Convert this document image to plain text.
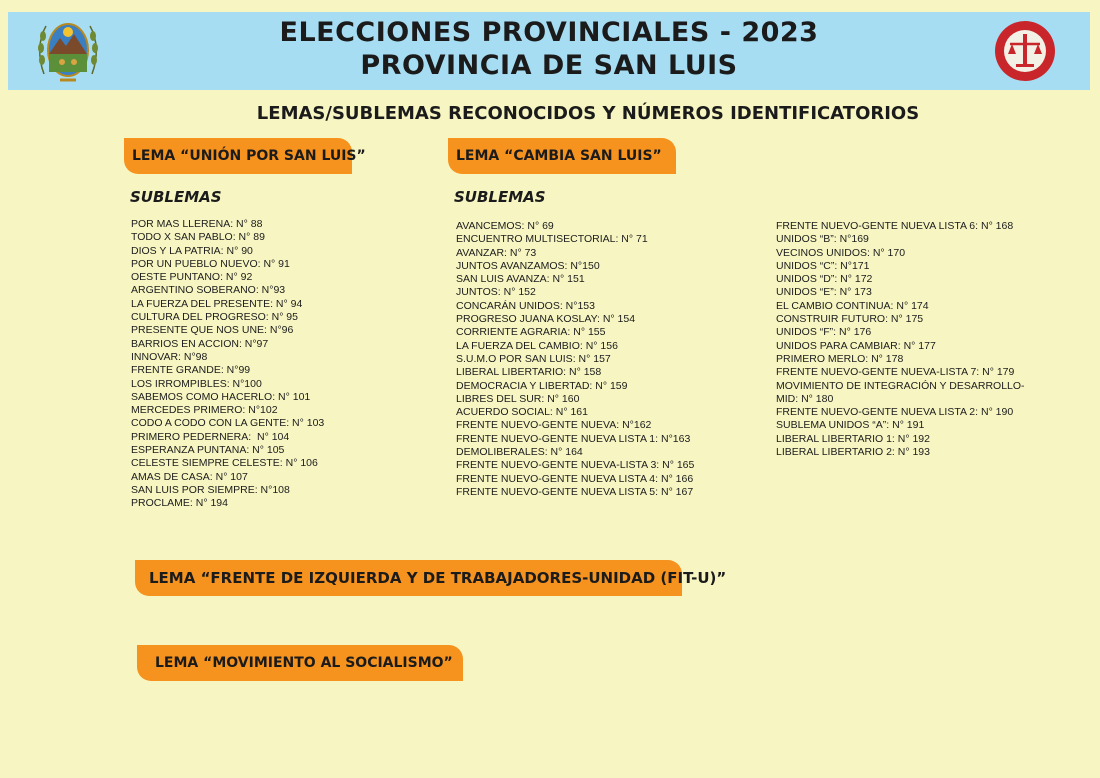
ELECCIONES PROVINCIALES - 2023
PROVINCIA DE SAN LUIS
LEMAS/SUBLEMAS RECONOCIDOS Y NÚMEROS IDENTIFICATORIOS
LEMA “UNIÓN POR SAN LUIS”	LEMA “CAMBIA SAN LUIS”
SUBLEMAS	SUBLEMAS
POR MAS LLERENA: N° 88
TODO X SAN PABLO: N° 89
DIOS Y LA PATRIA: N° 90
POR UN PUEBLO NUEVO: N° 91
OESTE PUNTANO: N° 92
ARGENTINO SOBERANO: N°93
LA FUERZA DEL PRESENTE: N° 94
CULTURA DEL PROGRESO: N° 95
PRESENTE QUE NOS UNE: N°96
BARRIOS EN ACCION: N°97
INNOVAR: N°98
FRENTE GRANDE: N°99
LOS IRROMPIBLES: N°100
SABEMOS COMO HACERLO: N° 101
MERCEDES PRIMERO: N°102
CODO A CODO CON LA GENTE: N° 103
PRIMERO PEDERNERA:  N° 104
ESPERANZA PUNTANA: N° 105
CELESTE SIEMPRE CELESTE: N° 106
AMAS DE CASA: N° 107
SAN LUIS POR SIEMPRE: N°108
PROCLAME: N° 194
AVANCEMOS: N° 69
ENCUENTRO MULTISECTORIAL: N° 71
AVANZAR: N° 73
JUNTOS AVANZAMOS: N°150
SAN LUIS AVANZA: N° 151
JUNTOS: N° 152
CONCARÁN UNIDOS: N°153
PROGRESO JUANA KOSLAY: N° 154
CORRIENTE AGRARIA: N° 155
LA FUERZA DEL CAMBIO: N° 156
S.U.M.O POR SAN LUIS: N° 157
LIBERAL LIBERTARIO: N° 158
DEMOCRACIA Y LIBERTAD: N° 159
LIBRES DEL SUR: N° 160
ACUERDO SOCIAL: N° 161
FRENTE NUEVO-GENTE NUEVA: N°162
FRENTE NUEVO-GENTE NUEVA LISTA 1: N°163
DEMOLIBERALES: N° 164
FRENTE NUEVO-GENTE NUEVA-LISTA 3: N° 165
FRENTE NUEVO-GENTE NUEVA LISTA 4: N° 166
FRENTE NUEVO-GENTE NUEVA LISTA 5: N° 167
FRENTE NUEVO-GENTE NUEVA LISTA 6: N° 168
UNIDOS “B”: N°169
VECINOS UNIDOS: N° 170
UNIDOS “C”: N°171
UNIDOS “D”: N° 172
UNIDOS “E”: N° 173
EL CAMBIO CONTINUA: N° 174
CONSTRUIR FUTURO: N° 175
UNIDOS “F”: N° 176
UNIDOS PARA CAMBIAR: N° 177
PRIMERO MERLO: N° 178
FRENTE NUEVO-GENTE NUEVA-LISTA 7: N° 179
MOVIMIENTO DE INTEGRACIÓN Y DESARROLLO-
MID: N° 180
FRENTE NUEVO-GENTE NUEVA LISTA 2: N° 190
SUBLEMA UNIDOS “A”: N° 191
LIBERAL LIBERTARIO 1: N° 192
LIBERAL LIBERTARIO 2: N° 193
LEMA “FRENTE DE IZQUIERDA Y DE TRABAJADORES-UNIDAD (FIT-U)”
LEMA “MOVIMIENTO AL SOCIALISMO”
